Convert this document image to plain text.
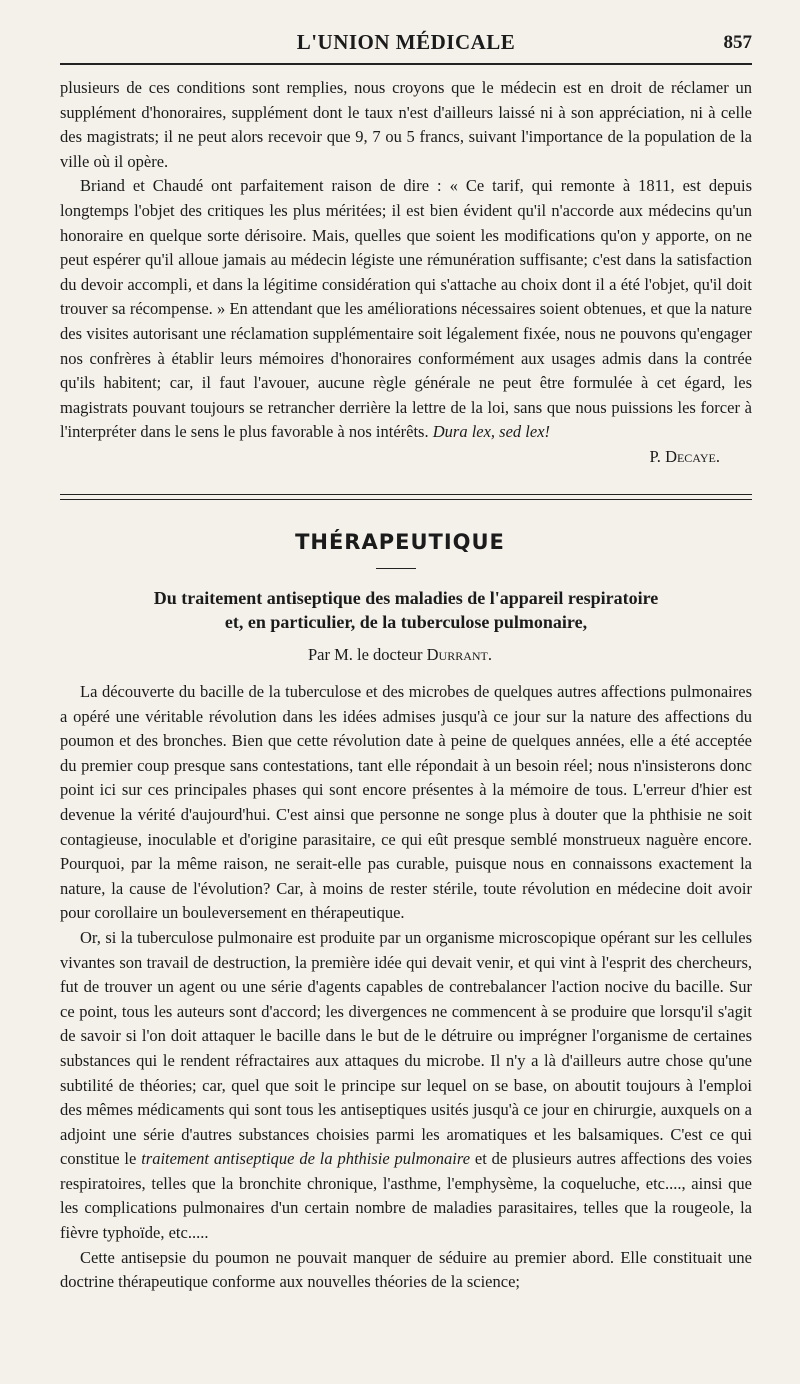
L'UNION MÉDICALE	857

plusieurs de ces conditions sont remplies, nous croyons que le médecin est en droit de réclamer un supplément d'honoraires, supplément dont le taux n'est d'ailleurs laissé ni à son appréciation, ni à celle des magistrats; il ne peut alors recevoir que 9, 7 ou 5 francs, suivant l'importance de la population de la ville où il opère.

Briand et Chaudé ont parfaitement raison de dire : « Ce tarif, qui remonte à 1811, est depuis longtemps l'objet des critiques les plus méritées; il est bien évident qu'il n'accorde aux médecins qu'un honoraire en quelque sorte dérisoire. Mais, quelles que soient les modifications qu'on y apporte, on ne peut espérer qu'il alloue jamais au médecin légiste une rémunération suffisante; c'est dans la satisfaction du devoir accompli, et dans la légitime considération qui s'attache au choix dont il a été l'objet, qu'il doit trouver sa récompense. » En attendant que les améliorations nécessaires soient obtenues, et que la nature des visites autorisant une réclamation supplémentaire soit légalement fixée, nous ne pouvons qu'engager nos confrères à établir leurs mémoires d'honoraires conformément aux usages admis dans la contrée qu'ils habitent; car, il faut l'avouer, aucune règle générale ne peut être formulée à cet égard, les magistrats pouvant toujours se retrancher derrière la lettre de la loi, sans que nous puissions les forcer à l'interpréter dans le sens le plus favorable à nos intérêts. Dura lex, sed lex!

P. Decaye.

THÉRAPEUTIQUE
Du traitement antiseptique des maladies de l'appareil respiratoire
et, en particulier, de la tuberculose pulmonaire,
Par M. le docteur Durrant.

La découverte du bacille de la tuberculose et des microbes de quelques autres affections pulmonaires a opéré une véritable révolution dans les idées admises jusqu'à ce jour sur la nature des affections du poumon et des bronches. Bien que cette révolution date à peine de quelques années, elle a été acceptée du premier coup presque sans contestations, tant elle répondait à un besoin réel; nous n'insisterons donc point ici sur ces principales phases qui sont encore présentes à la mémoire de tous. L'erreur d'hier est devenue la vérité d'aujourd'hui. C'est ainsi que personne ne songe plus à douter que la phthisie ne soit contagieuse, inoculable et d'origine parasitaire, ce qui eût presque semblé monstrueux naguère encore. Pourquoi, par la même raison, ne serait-elle pas curable, puisque nous en connaissons exactement la nature, la cause de l'évolution? Car, à moins de rester stérile, toute révolution en médecine doit avoir pour corollaire un bouleversement en thérapeutique.

Or, si la tuberculose pulmonaire est produite par un organisme microscopique opérant sur les cellules vivantes son travail de destruction, la première idée qui devait venir, et qui vint à l'esprit des chercheurs, fut de trouver un agent ou une série d'agents capables de contrebalancer l'action nocive du bacille. Sur ce point, tous les auteurs sont d'accord; les divergences ne commencent à se produire que lorsqu'il s'agit de savoir si l'on doit attaquer le bacille dans le but de le détruire ou imprégner l'organisme de certaines substances qui le rendent réfractaires aux attaques du microbe. Il n'y a là d'ailleurs autre chose qu'une subtilité de théories; car, quel que soit le principe sur lequel on se base, on aboutit toujours à l'emploi des mêmes médicaments qui sont tous les antiseptiques usités jusqu'à ce jour en chirurgie, auxquels on a adjoint une série d'autres substances choisies parmi les aromatiques et les balsamiques. C'est ce qui constitue le traitement antiseptique de la phthisie pulmonaire et de plusieurs autres affections des voies respiratoires, telles que la bronchite chronique, l'asthme, l'emphysème, la coqueluche, etc...., ainsi que les complications pulmonaires d'un certain nombre de maladies parasitaires, telles que la rougeole, la fièvre typhoïde, etc.....

Cette antisepsie du poumon ne pouvait manquer de séduire au premier abord. Elle constituait une doctrine thérapeutique conforme aux nouvelles théories de la science;
